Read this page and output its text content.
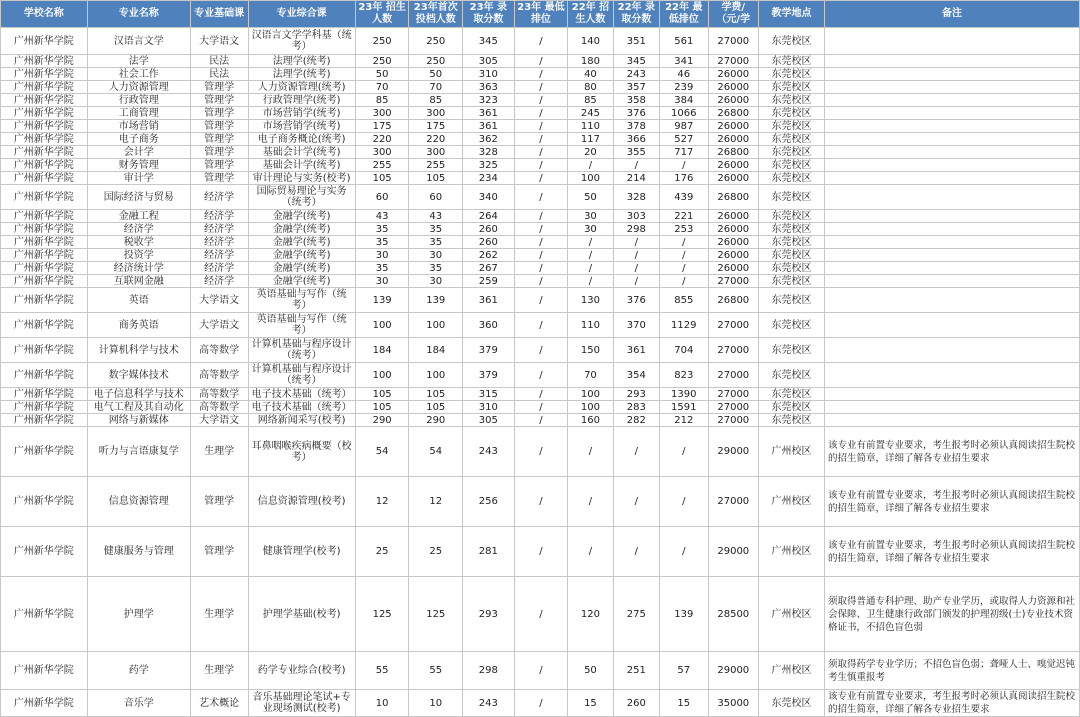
学校名称	专业名称	专业基础课	专业综合课	23年 招生人数	23年首次 投档人数	23年 录取分数	23年 最低排位	22年 招生人数	22年 录取分数	22年 最低排位	学费/ （元/学	教学地点	备注
广州新华学院	汉语言文学	大学语文	汉语言文学学科基（统考）	250	250	345	/	140	351	561	27000	东莞校区	
广州新华学院	法学	民法	法理学(统考)	250	250	305	/	180	345	341	27000	东莞校区	
广州新华学院	社会工作	民法	法理学(统考)	50	50	310	/	40	243	46	26000	东莞校区	
广州新华学院	人力资源管理	管理学	人力资源管理(统考)	70	70	363	/	80	357	239	26000	东莞校区	
广州新华学院	行政管理	管理学	行政管理学(统考)	85	85	323	/	85	358	384	26000	东莞校区	
广州新华学院	工商管理	管理学	市场营销学(统考)	300	300	361	/	245	376	1066	26800	东莞校区	
广州新华学院	市场营销	管理学	市场营销学(统考)	175	175	361	/	110	378	987	26000	东莞校区	
广州新华学院	电子商务	管理学	电子商务概论(统考)	220	220	362	/	117	366	527	26000	东莞校区	
广州新华学院	会计学	管理学	基础会计学(统考)	300	300	328	/	20	355	717	26800	东莞校区	
广州新华学院	财务管理	管理学	基础会计学(统考)	255	255	325	/	/	/	/	26000	东莞校区	
广州新华学院	审计学	管理学	审计理论与实务(校考)	105	105	234	/	100	214	176	26000	东莞校区	
广州新华学院	国际经济与贸易	经济学	国际贸易理论与实务（统考）	60	60	340	/	50	328	439	26800	东莞校区	
广州新华学院	金融工程	经济学	金融学(统考)	43	43	264	/	30	303	221	26000	东莞校区	
广州新华学院	经济学	经济学	金融学(统考)	35	35	260	/	30	298	253	26000	东莞校区	
广州新华学院	税收学	经济学	金融学(统考)	35	35	260	/	/	/	/	26000	东莞校区	
广州新华学院	投资学	经济学	金融学(统考)	30	30	262	/	/	/	/	26000	东莞校区	
广州新华学院	经济统计学	经济学	金融学(统考)	35	35	267	/	/	/	/	26000	东莞校区	
广州新华学院	互联网金融	经济学	金融学(统考)	30	30	259	/	/	/	/	27000	东莞校区	
广州新华学院	英语	大学语文	英语基础与写作（统考）	139	139	361	/	130	376	855	26800	东莞校区	
广州新华学院	商务英语	大学语文	英语基础与写作（统考）	100	100	360	/	110	370	1129	27000	东莞校区	
广州新华学院	计算机科学与技术	高等数学	计算机基础与程序设计（统考）	184	184	379	/	150	361	704	27000	东莞校区	
广州新华学院	数字媒体技术	高等数学	计算机基础与程序设计（统考）	100	100	379	/	70	354	823	27000	东莞校区	
广州新华学院	电子信息科学与技术	高等数学	电子技术基础（统考）	105	105	315	/	100	293	1390	27000	东莞校区	
广州新华学院	电气工程及其自动化	高等数学	电子技术基础（统考）	105	105	310	/	100	283	1591	27000	东莞校区	
广州新华学院	网络与新媒体	大学语文	网络新闻采写(校考)	290	290	305	/	160	282	212	27000	东莞校区	
广州新华学院	听力与言语康复学	生理学	耳鼻咽喉疾病概要（校考）	54	54	243	/	/	/	/	29000	广州校区	该专业有前置专业要求，考生报考时必须认真阅读招生院校的招生简章，详细了解各专业招生要求
广州新华学院	信息资源管理	管理学	信息资源管理(校考)	12	12	256	/	/	/	/	27000	广州校区	该专业有前置专业要求，考生报考时必须认真阅读招生院校的招生简章，详细了解各专业招生要求
广州新华学院	健康服务与管理	管理学	健康管理学(校考)	25	25	281	/	/	/	/	29000	广州校区	该专业有前置专业要求，考生报考时必须认真阅读招生院校的招生简章，详细了解各专业招生要求
广州新华学院	护理学	生理学	护理学基础(校考)	125	125	293	/	120	275	139	28500	广州校区	须取得普通专科护理、助产专业学历，或取得人力资源和社会保障、卫生健康行政部门颁发的护理初级(士)专业技术资格证书，不招色盲色弱
广州新华学院	药学	生理学	药学专业综合(校考)	55	55	298	/	50	251	57	29000	广州校区	须取得药学专业学历；不招色盲色弱；聋哑人士、嗅觉迟钝考生慎重报考
广州新华学院	音乐学	艺术概论	音乐基础理论笔试+专业现场测试(校考)	10	10	243	/	15	260	15	35000	东莞校区	该专业有前置专业要求，考生报考时必须认真阅读招生院校的招生简章，详细了解各专业招生要求
